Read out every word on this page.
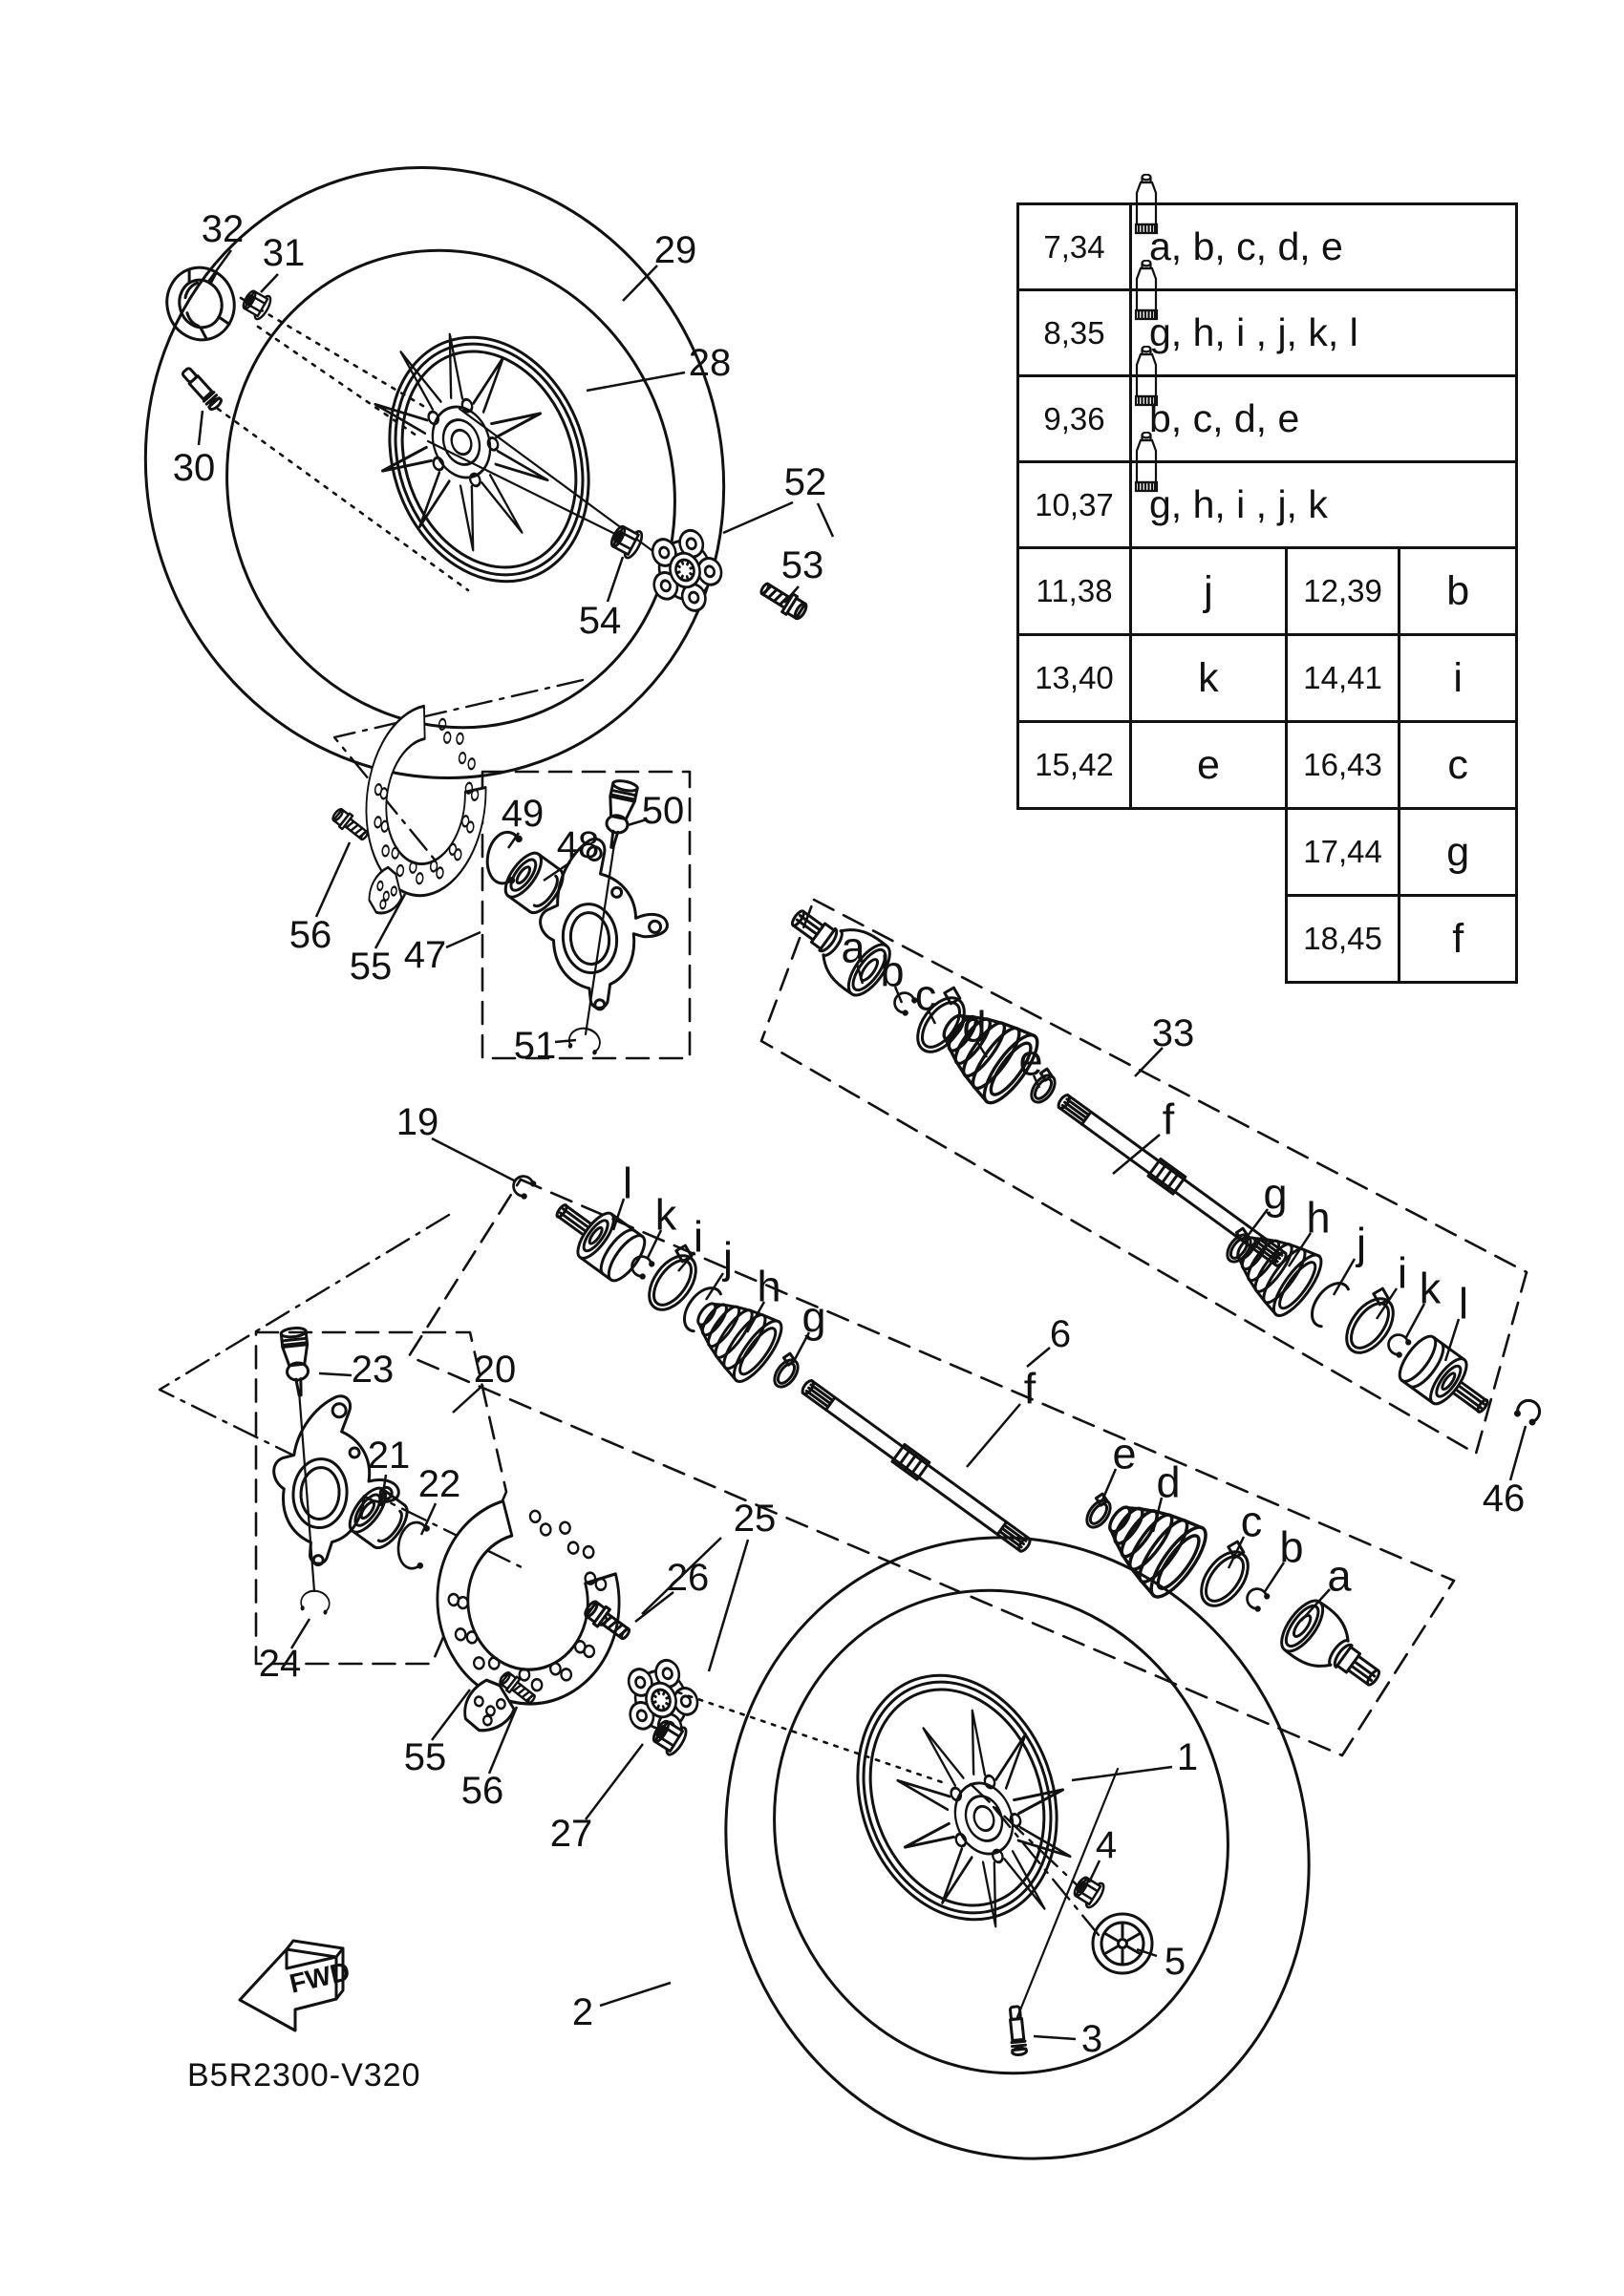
FWD
B5R2300-V320
32
31
30
29
28
52
53
54
47
49
48
50
51
55
56
33
a b c
d
e
f
g h
j
i k l
46
19
l
k i j
h
g	6
f
e
d
c
b
a
23 20
21
22
24
55
56
25
26
27
1
4
5
3
2
7,34	a, b, c, d, e		

8,35	g, h, i , j, k, l		

9,36	b, c, d, e		

10,37	g, h, i , j, k		

11,38	j	12,39	b
13,40	k	14,41	i
15,42	e	16,43	c
		17,44	g
		18,45	f
